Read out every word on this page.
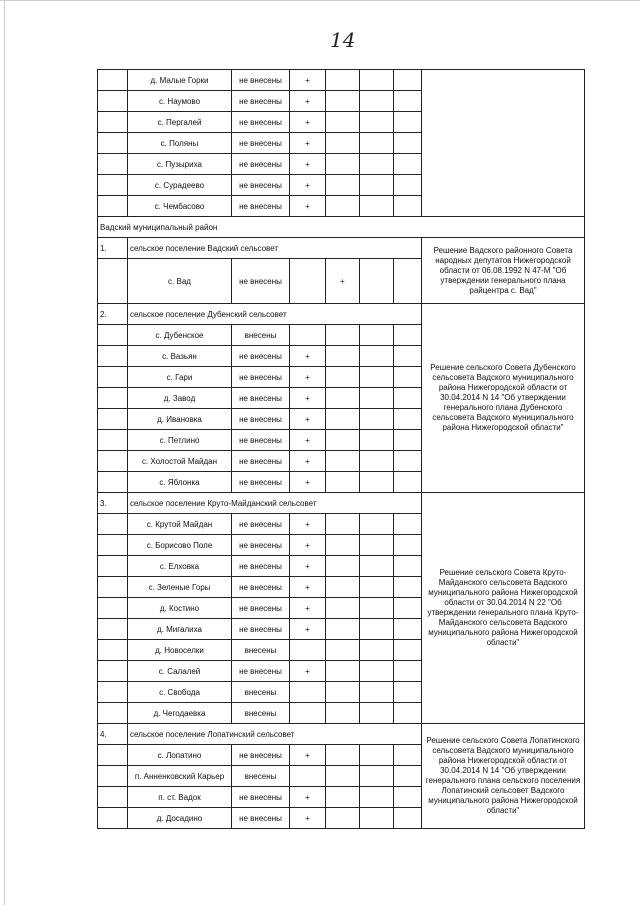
14
	д. Малые Горки	не внесены	+				
	с. Наумово	не внесены	+				
	с. Пергалей	не внесены	+				
	с. Поляны	не внесены	+				
	с. Пузыриха	не внесены	+				
	с. Сурадеево	не внесены	+				
	с. Чембасово	не внесены	+				
Вадский муниципальный район							
1.	сельское поселение Вадский сельсовет						Решение Вадского районного Совета народных депутатов Нижегородской области от 06.08.1992 N 47-М "Об утверждении генерального плана райцентра с. Вад"
	с. Вад	не внесены		+			
2.	сельское поселение Дубенский сельсовет						Решение сельского Совета Дубенского сельсовета Вадского муниципального района Нижегородской области от 30.04.2014 N 14 "Об утверждении генерального плана Дубенского сельсовета Вадского муниципального района Нижегородской области"
	с. Дубенское	внесены					
	с. Вазьян	не внесены	+				
	с. Гари	не внесены	+				
	д. Завод	не внесены	+				
	д. Ивановка	не внесены	+				
	с. Петлино	не внесены	+				
	с. Холостой Майдан	не внесены	+				
	с. Яблонка	не внесены	+				
3.	сельское поселение Круто-Майданский сельсовет						Решение сельского Совета Круто-Майданского сельсовета Вадского муниципального района Нижегородской области от 30.04.2014 N 22 "Об утверждении генерального плана Круто-Майданского сельсовета Вадского муниципального района Нижегородской области"
	с. Крутой Майдан	не внесены	+				
	с. Борисово Поле	не внесены	+				
	с. Елховка	не внесены	+				
	с. Зеленые Горы	не внесены	+				
	д. Костино	не внесены	+				
	д. Мигалиха	не внесены	+				
	д. Новоселки	внесены					
	с. Салалей	не внесены	+				
	с. Свобода	внесены					
	д. Чегодаевка	внесены					
4.	сельское поселение Лопатинский сельсовет						Решение сельского Совета Лопатинского сельсовета Вадского муниципального района Нижегородской области от 30.04.2014 N 14 "Об утверждении генерального плана сельского поселения Лопатинский сельсовет Вадского муниципального района Нижегородской области"
	с. Лопатино	не внесены	+				
	п. Анненковский Карьер	внесены					
	п. ст. Вадок	не внесены	+				
	д. Досадино	не внесены	+				
